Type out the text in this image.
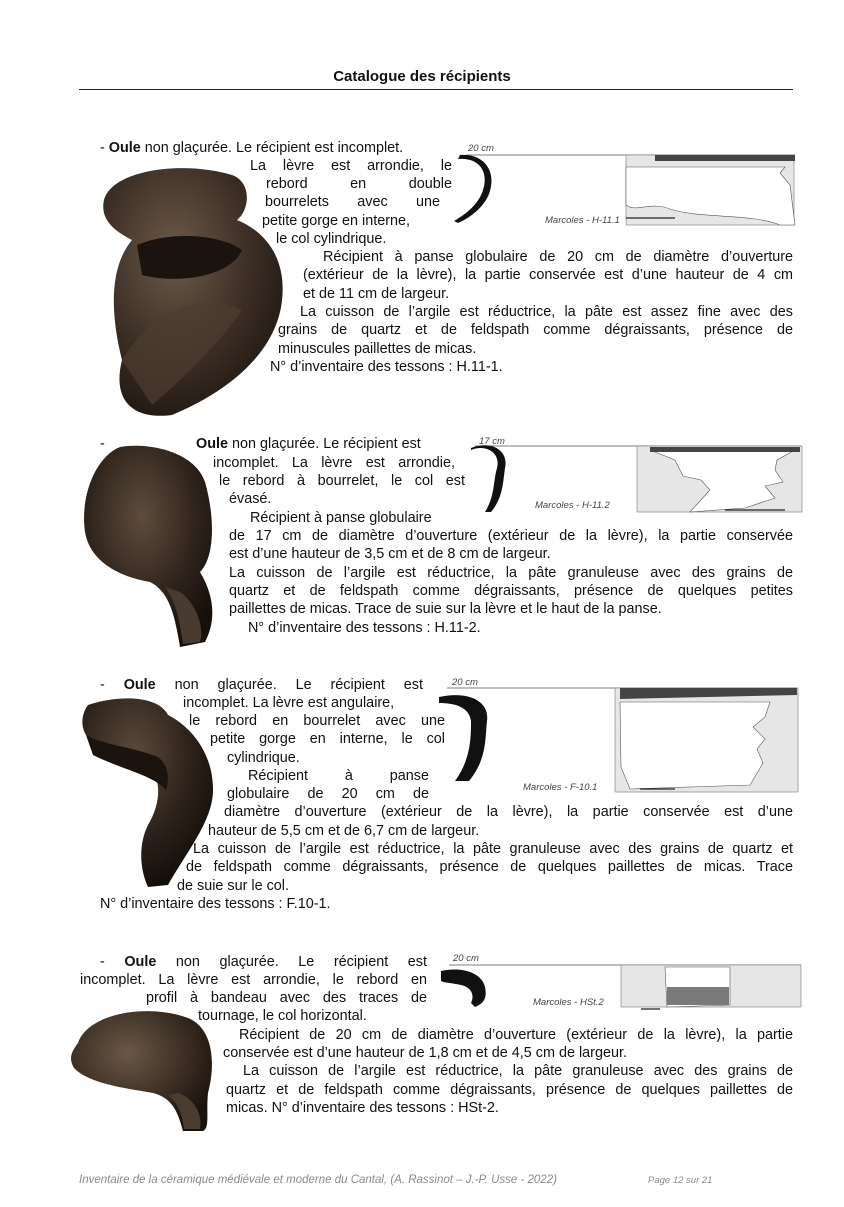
Catalogue des récipients
- Oule non glaçurée. Le récipient est incomplet.

La lèvre est arrondie, le

rebord en double

bourrelets avec une

petite gorge en interne,

le col cylindrique.

Récipient à panse globulaire de 20 cm de diamètre d’ouverture

(extérieur de la lèvre), la partie conservée est d’une hauteur de 4 cm

et de 11 cm de largeur.

La cuisson de l’argile est réductrice, la pâte est assez fine avec des

grains de quartz et de feldspath comme dégraissants, présence de

minuscules paillettes de micas.

N° d’inventaire des tessons : H.11-1.

20 cm
Marcoles - H-11.1
-	Oule non glaçurée. Le récipient est

incomplet. La lèvre est arrondie,

le rebord à bourrelet, le col est

évasé.

Récipient à panse globulaire

de 17 cm de diamètre d’ouverture (extérieur de la lèvre), la partie conservée

est d’une hauteur de 3,5 cm et de 8 cm de largeur.

La cuisson de l’argile est réductrice, la pâte granuleuse avec des grains de

quartz et de feldspath comme dégraissants, présence de quelques petites

paillettes de micas. Trace de suie sur la lèvre et le haut de la panse.

N° d’inventaire des tessons : H.11-2.

17 cm
Marcoles - H-11.2
- Oule non glaçurée. Le récipient est

incomplet. La lèvre est angulaire,

le rebord en bourrelet avec une

petite gorge en interne, le col

cylindrique.

Récipient à panse

globulaire de 20 cm de

diamètre d’ouverture (extérieur de la lèvre), la partie conservée est d’une

hauteur de 5,5 cm et de 6,7 cm de largeur.

La cuisson de l’argile est réductrice, la pâte granuleuse avec des grains de quartz et

de feldspath comme dégraissants, présence de quelques paillettes de micas. Trace

de suie sur le col.

N° d’inventaire des tessons : F.10-1.

20 cm
Marcoles - F-10.1
- Oule non glaçurée. Le récipient est

incomplet. La lèvre est arrondie, le rebord en

profil à bandeau avec des traces de

tournage, le col horizontal.

Récipient de 20 cm de diamètre d’ouverture (extérieur de la lèvre), la partie

conservée est d’une hauteur de 1,8 cm et de 4,5 cm de largeur.

La cuisson de l’argile est réductrice, la pâte granuleuse avec des grains de

quartz et de feldspath comme dégraissants, présence de quelques paillettes de

micas. N° d’inventaire des tessons : HSt-2.

20 cm
Marcoles - HSt.2
Inventaire de la céramique médiévale et moderne du Cantal, (A. Rassinot – J.-P. Usse - 2022)	Page 12 sur 21
